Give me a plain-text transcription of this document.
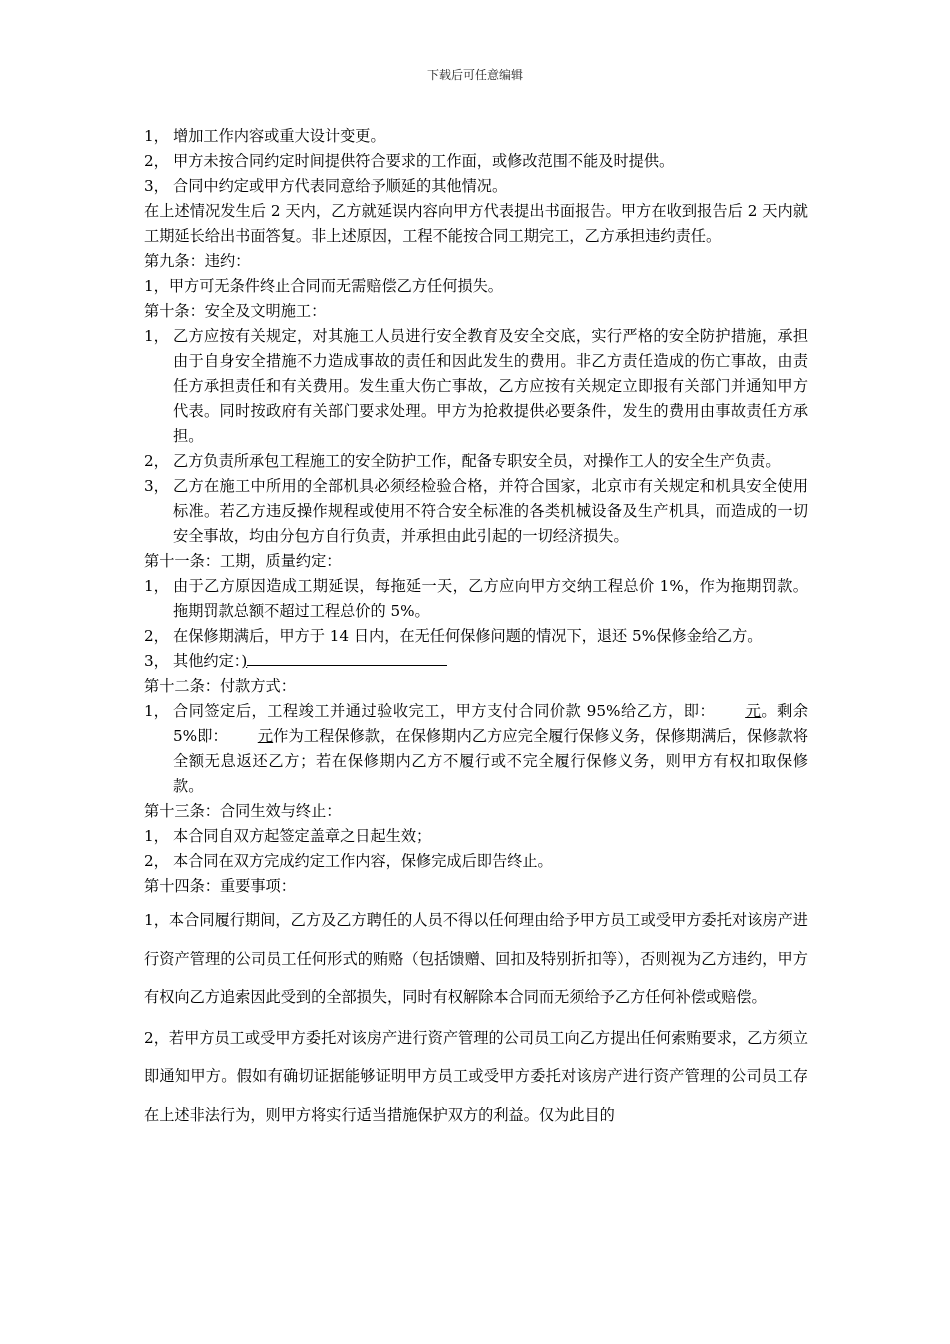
下载后可任意编辑
1， 增加工作内容或重大设计变更。
2， 甲方未按合同约定时间提供符合要求的工作面，或修改范围不能及时提供。
3， 合同中约定或甲方代表同意给予顺延的其他情况。

在上述情况发生后 2 天内，乙方就延误内容向甲方代表提出书面报告。甲方在收到报告后 2 天内就工期延长给出书面答复。非上述原因，工程不能按合同工期完工，乙方承担违约责任。

第九条：违约：

1，甲方可无条件终止合同而无需赔偿乙方任何损失。

第十条：安全及文明施工：

1， 乙方应按有关规定，对其施工人员进行安全教育及安全交底，实行严格的安全防护措施，承担由于自身安全措施不力造成事故的责任和因此发生的费用。非乙方责任造成的伤亡事故，由责任方承担责任和有关费用。发生重大伤亡事故，乙方应按有关规定立即报有关部门并通知甲方代表。同时按政府有关部门要求处理。甲方为抢救提供必要条件，发生的费用由事故责任方承担。
2， 乙方负责所承包工程施工的安全防护工作，配备专职安全员，对操作工人的安全生产负责。
3， 乙方在施工中所用的全部机具必须经检验合格，并符合国家，北京市有关规定和机具安全使用标准。若乙方违反操作规程或使用不符合安全标准的各类机械设备及生产机具，而造成的一切安全事故，均由分包方自行负责，并承担由此引起的一切经济损失。

第十一条：工期，质量约定：

1， 由于乙方原因造成工期延误，每拖延一天，乙方应向甲方交纳工程总价 1%，作为拖期罚款。拖期罚款总额不超过工程总价的 5%。
2， 在保修期满后，甲方于 14 日内，在无任何保修问题的情况下，退还 5%保修金给乙方。
3， 其他约定：)

第十二条：付款方式：

1， 合同签定后，工程竣工并通过验收完工，甲方支付合同价款 95%给乙方，即： 元。剩余 5%即： 元作为工程保修款，在保修期内乙方应完全履行保修义务，保修期满后，保修款将全额无息返还乙方；若在保修期内乙方不履行或不完全履行保修义务，则甲方有权扣取保修款。

第十三条：合同生效与终止：

1， 本合同自双方起签定盖章之日起生效；
2， 本合同在双方完成约定工作内容，保修完成后即告终止。

第十四条：重要事项：

1，本合同履行期间，乙方及乙方聘任的人员不得以任何理由给予甲方员工或受甲方委托对该房产进行资产管理的公司员工任何形式的贿赂（包括馈赠、回扣及特别折扣等），否则视为乙方违约，甲方有权向乙方追索因此受到的全部损失，同时有权解除本合同而无须给予乙方任何补偿或赔偿。

2，若甲方员工或受甲方委托对该房产进行资产管理的公司员工向乙方提出任何索贿要求，乙方须立即通知甲方。假如有确切证据能够证明甲方员工或受甲方委托对该房产进行资产管理的公司员工存在上述非法行为，则甲方将实行适当措施保护双方的利益。仅为此目的
